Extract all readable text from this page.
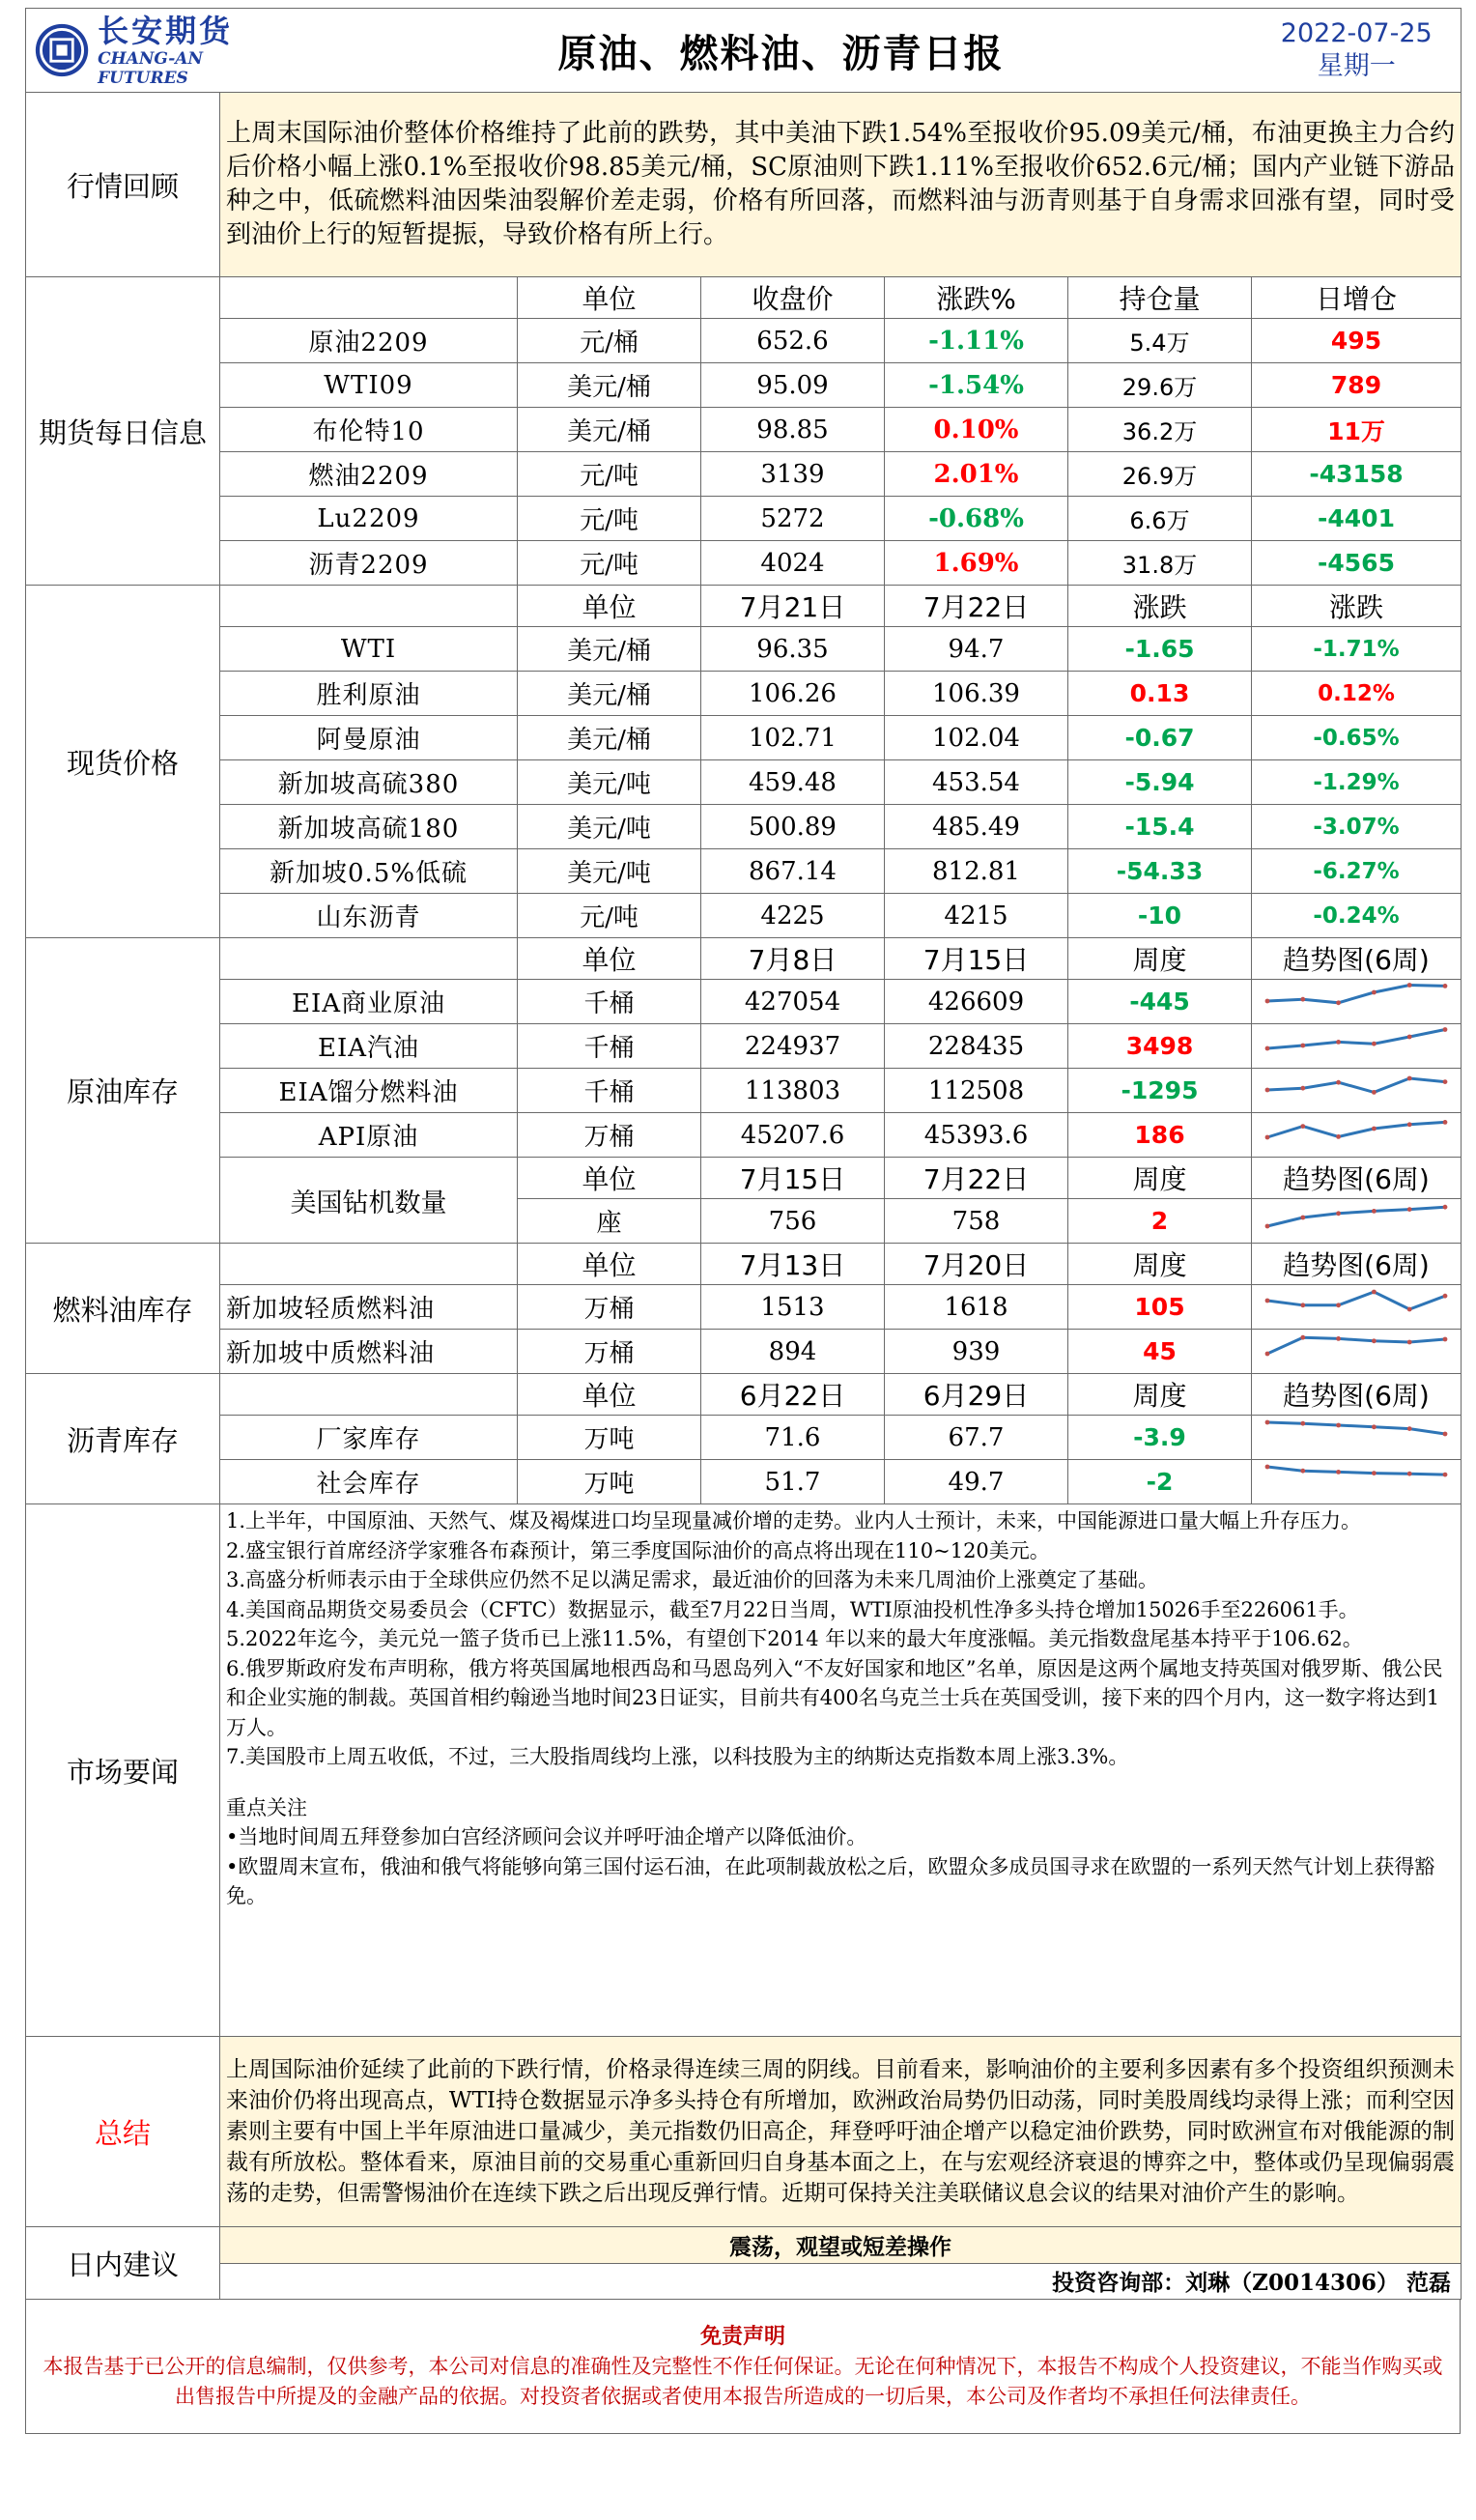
长安期货
CHANG-AN FUTURES

原油、燃料油、沥青日报	2022-07-25
星期一
行情回顾	上周末国际油价整体价格维持了此前的跌势，其中美油下跌1.54%至报收价95.09美元/桶，布油更换主力合约后价格小幅上涨0.1%至报收价98.85美元/桶，SC原油则下跌1.11%至报收价652.6元/桶；国内产业链下游品种之中，低硫燃料油因柴油裂解价差走弱，价格有所回落，而燃料油与沥青则基于自身需求回涨有望，同时受到油价上行的短暂提振，导致价格有所上行。
期货每日信息		单位	收盘价	涨跌%	持仓量	日增仓
	原油2209	元/桶	652.6	-1.11%	5.4万	495
	WTI09	美元/桶	95.09	-1.54%	29.6万	789
	布伦特10	美元/桶	98.85	0.10%	36.2万	11万
	燃油2209	元/吨	3139	2.01%	26.9万	-43158
	Lu2209	元/吨	5272	-0.68%	6.6万	-4401
	沥青2209	元/吨	4024	1.69%	31.8万	-4565
现货价格		单位	7月21日	7月22日	涨跌	涨跌
	WTI	美元/桶	96.35	94.7	-1.65	-1.71%
	胜利原油	美元/桶	106.26	106.39	0.13	0.12%
	阿曼原油	美元/桶	102.71	102.04	-0.67	-0.65%
	新加坡高硫380	美元/吨	459.48	453.54	-5.94	-1.29%
	新加坡高硫180	美元/吨	500.89	485.49	-15.4	-3.07%
	新加坡0.5%低硫	美元/吨	867.14	812.81	-54.33	-6.27%
	山东沥青	元/吨	4225	4215	-10	-0.24%
原油库存		单位	7月8日	7月15日	周度	趋势图(6周)
	EIA商业原油	千桶	427054	426609	-445	
	EIA汽油	千桶	224937	228435	3498	
	EIA馏分燃料油	千桶	113803	112508	-1295	
	API原油	万桶	45207.6	45393.6	186	
	美国钻机数量	单位	7月15日	7月22日	周度	趋势图(6周)
		座	756	758	2	
燃料油库存		单位	7月13日	7月20日	周度	趋势图(6周)
	新加坡轻质燃料油	万桶	1513	1618	105	
	新加坡中质燃料油	万桶	894	939	45	
沥青库存		单位	6月22日	6月29日	周度	趋势图(6周)
	厂家库存	万吨	71.6	67.7	-3.9	
	社会库存	万吨	51.7	49.7	-2	
市场要闻	

1.上半年，中国原油、天然气、煤及褐煤进口均呈现量减价增的走势。业内人士预计，未来，中国能源进口量大幅上升存压力。

2.盛宝银行首席经济学家雅各布森预计，第三季度国际油价的高点将出现在110~120美元。

3.高盛分析师表示由于全球供应仍然不足以满足需求，最近油价的回落为未来几周油价上涨奠定了基础。

4.美国商品期货交易委员会（CFTC）数据显示，截至7月22日当周，WTI原油投机性净多头持仓增加15026手至226061手。

5.2022年迄今，美元兑一篮子货币已上涨11.5%，有望创下2014 年以来的最大年度涨幅。美元指数盘尾基本持平于106.62。

6.俄罗斯政府发布声明称，俄方将英国属地根西岛和马恩岛列入“不友好国家和地区”名单，原因是这两个属地支持英国对俄罗斯、俄公民和企业实施的制裁。英国首相约翰逊当地时间23日证实，目前共有400名乌克兰士兵在英国受训，接下来的四个月内，这一数字将达到1万人。

7.美国股市上周五收低，不过，三大股指周线均上涨，以科技股为主的纳斯达克指数本周上涨3.3%。

重点关注

•当地时间周五拜登参加白宫经济顾问会议并呼吁油企增产以降低油价。

•欧盟周末宣布，俄油和俄气将能够向第三国付运石油，在此项制裁放松之后，欧盟众多成员国寻求在欧盟的一系列天然气计划上获得豁免。

总结	上周国际油价延续了此前的下跌行情，价格录得连续三周的阴线。目前看来，影响油价的主要利多因素有多个投资组织预测未来油价仍将出现高点，WTI持仓数据显示净多头持仓有所增加，欧洲政治局势仍旧动荡，同时美股周线均录得上涨；而利空因素则主要有中国上半年原油进口量减少，美元指数仍旧高企，拜登呼吁油企增产以稳定油价跌势，同时欧洲宣布对俄能源的制裁有所放松。整体看来，原油目前的交易重心重新回归自身基本面之上，在与宏观经济衰退的博弈之中，整体或仍呈现偏弱震荡的走势，但需警惕油价在连续下跌之后出现反弹行情。近期可保持关注美联储议息会议的结果对油价产生的影响。
日内建议	震荡，观望或短差操作
投资咨询部：刘琳（Z0014306） 范磊
免责声明
本报告基于已公开的信息编制，仅供参考，本公司对信息的准确性及完整性不作任何保证。无论在何种情况下，本报告不构成个人投资建议，不能当作购买或出售报告中所提及的金融产品的依据。对投资者依据或者使用本报告所造成的一切后果，本公司及作者均不承担任何法律责任。
